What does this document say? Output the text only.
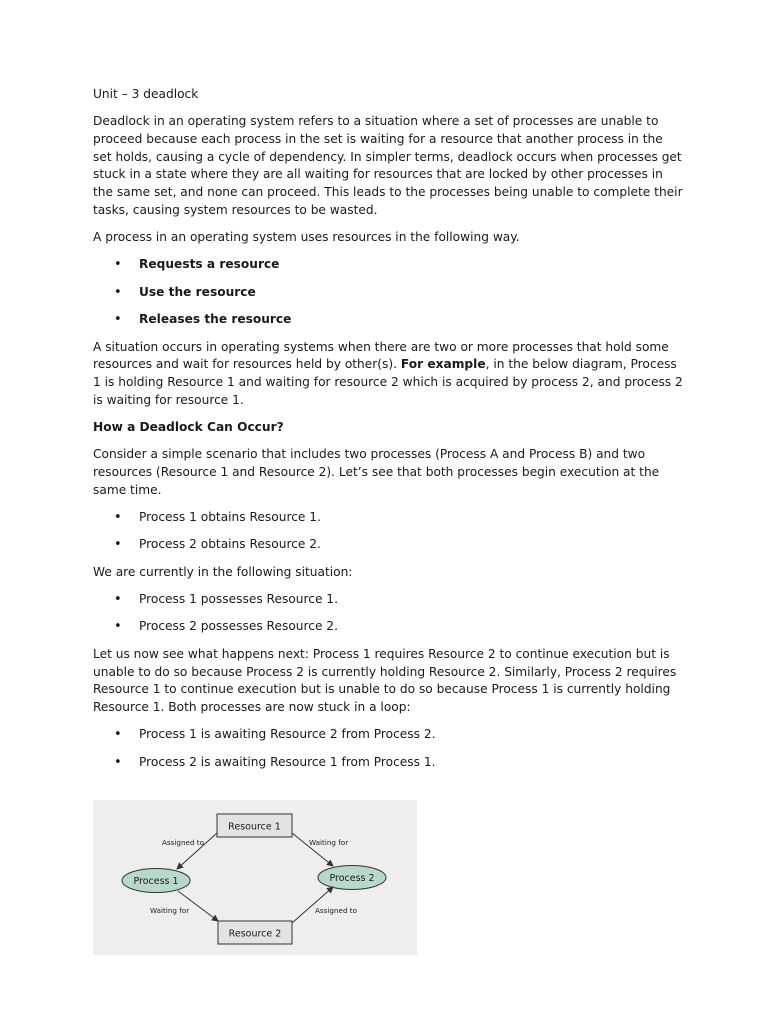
Unit – 3 deadlock

Deadlock in an operating system refers to a situation where a set of processes are unable to proceed because each process in the set is waiting for a resource that another process in the set holds, causing a cycle of dependency. In simpler terms, deadlock occurs when processes get stuck in a state where they are all waiting for resources that are locked by other processes in the same set, and none can proceed. This leads to the processes being unable to complete their tasks, causing system resources to be wasted.

A process in an operating system uses resources in the following way.

• Requests a resource
• Use the resource
• Releases the resource

A situation occurs in operating systems when there are two or more processes that hold some resources and wait for resources held by other(s). For example, in the below diagram, Process 1 is holding Resource 1 and waiting for resource 2 which is acquired by process 2, and process 2 is waiting for resource 1.

How a Deadlock Can Occur?

Consider a simple scenario that includes two processes (Process A and Process B) and two resources (Resource 1 and Resource 2). Let’s see that both processes begin execution at the same time.

• Process 1 obtains Resource 1.
• Process 2 obtains Resource 2.

We are currently in the following situation:

• Process 1 possesses Resource 1.
• Process 2 possesses Resource 2.

Let us now see what happens next: Process 1 requires Resource 2 to continue execution but is unable to do so because Process 2 is currently holding Resource 2. Similarly, Process 2 requires Resource 1 to continue execution but is unable to do so because Process 1 is currently holding Resource 1. Both processes are now stuck in a loop:

• Process 1 is awaiting Resource 2 from Process 2.
• Process 2 is awaiting Resource 1 from Process 1.
Resource 1
Resource 2
Process 1	Process 2
Assigned to	Waiting for
Waiting for	Assigned to
